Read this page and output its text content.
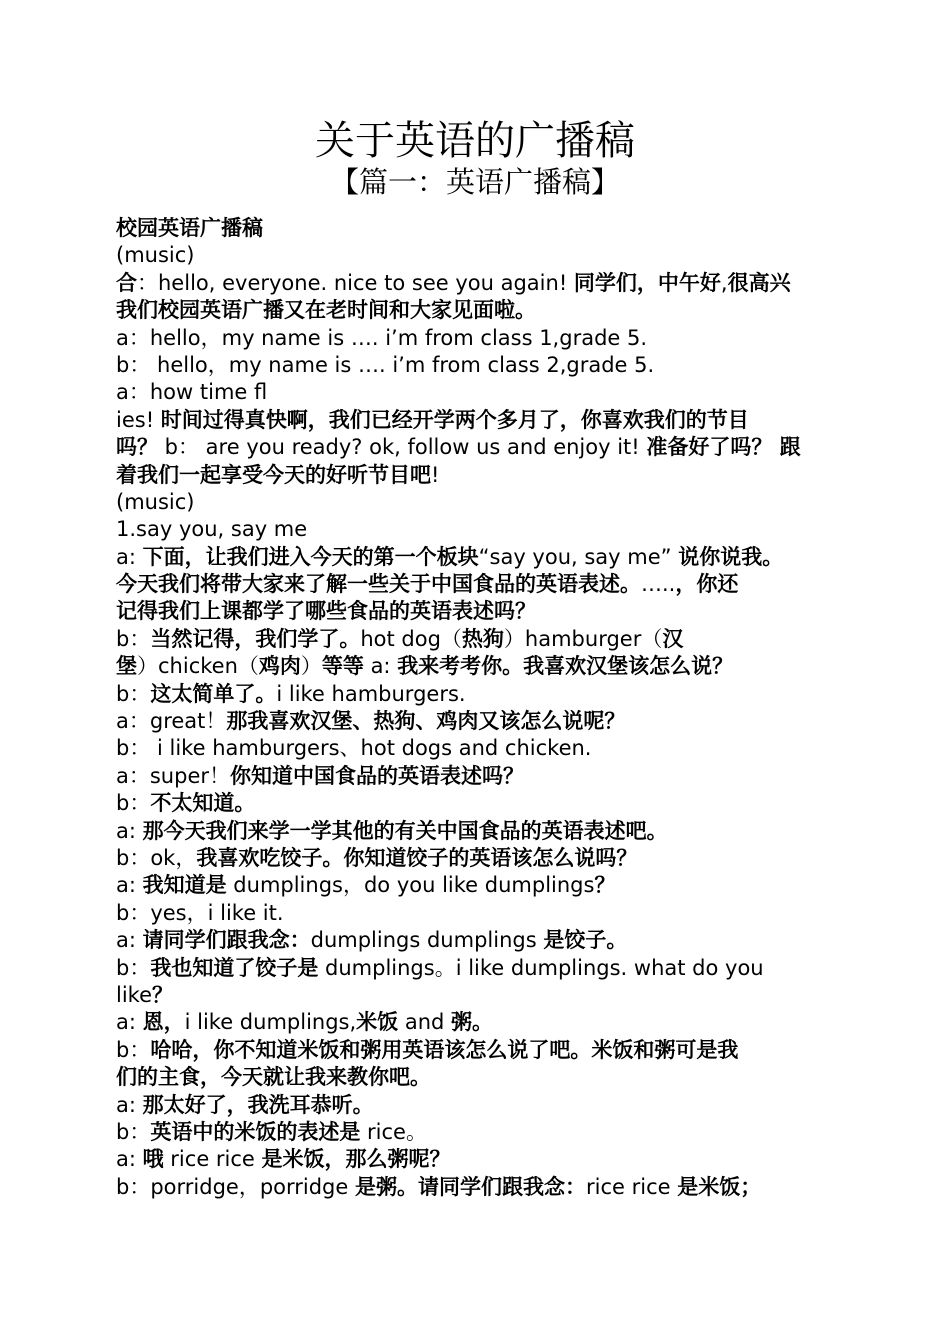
关于英语的广播稿
【篇一：英语广播稿】
校园英语广播稿
(music)
合：hello, everyone. nice to see you again! 同学们，中午好,很高兴
我们校园英语广播又在老时间和大家见面啦。
a：hello，my name is …. i’m from class 1,grade 5.
b： hello，my name is …. i’m from class 2,grade 5.
a：how time fl
ies! 时间过得真快啊，我们已经开学两个多月了，你喜欢我们的节目
吗？ b： are you ready? ok, follow us and enjoy it! 准备好了吗？ 跟
着我们一起享受今天的好听节目吧!
(music)
1.say you, say me
a: 下面，让我们进入今天的第一个板块“say you, say me” 说你说我。
今天我们将带大家来了解一些关于中国食品的英语表述。…..，你还
记得我们上课都学了哪些食品的英语表述吗？
b：当然记得，我们学了。hot dog（热狗）hamburger（汉
堡）chicken（鸡肉）等等 a: 我来考考你。我喜欢汉堡该怎么说？
b：这太简单了。i like hamburgers.
a：great！那我喜欢汉堡、热狗、鸡肉又该怎么说呢？
b： i like hamburgers、hot dogs and chicken.
a：super！你知道中国食品的英语表述吗？
b：不太知道。
a: 那今天我们来学一学其他的有关中国食品的英语表述吧。
b：ok，我喜欢吃饺子。你知道饺子的英语该怎么说吗？
a: 我知道是 dumplings，do you like dumplings？
b：yes，i like it.
a: 请同学们跟我念：dumplings dumplings 是饺子。
b：我也知道了饺子是 dumplings。i like dumplings. what do you
like？
a: 恩，i like dumplings,米饭 and 粥。
b：哈哈，你不知道米饭和粥用英语该怎么说了吧。米饭和粥可是我
们的主食，今天就让我来教你吧。
a: 那太好了，我洗耳恭听。
b：英语中的米饭的表述是 rice。
a: 哦 rice rice 是米饭，那么粥呢？
b：porridge，porridge 是粥。请同学们跟我念：rice rice 是米饭；
